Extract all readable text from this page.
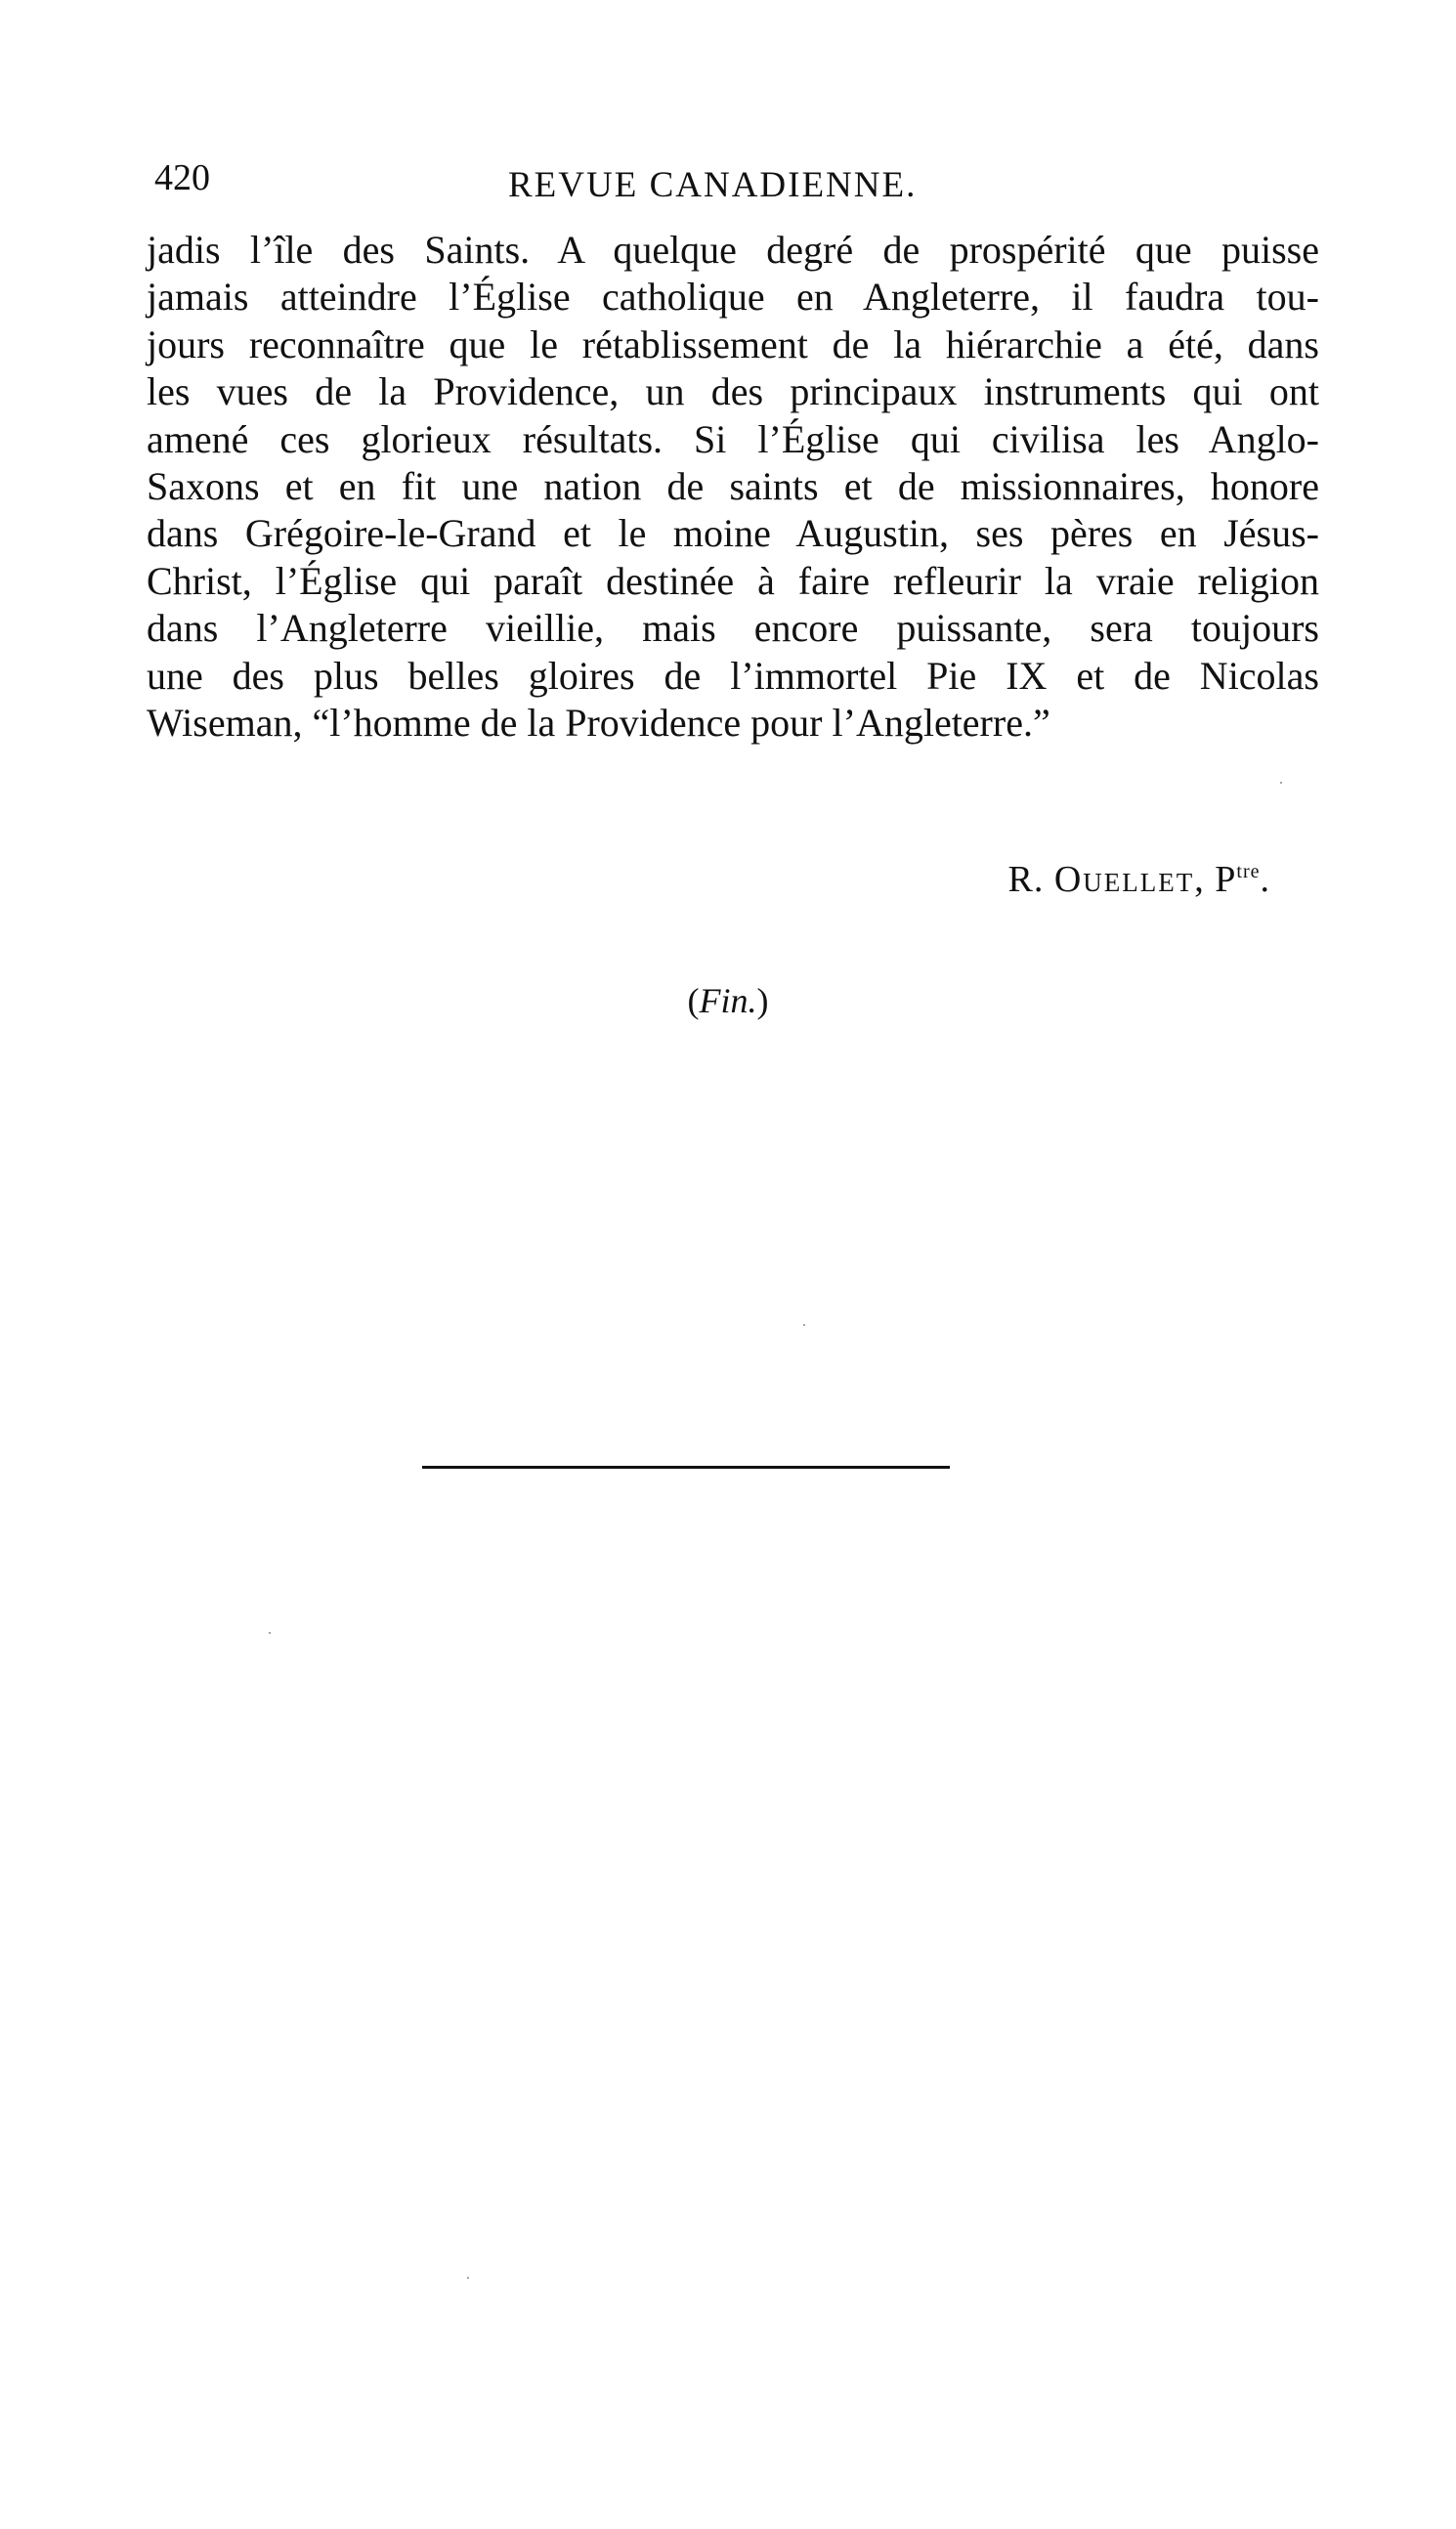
420	REVUE CANADIENNE.
jadis l’île des Saints. A quelque degré de prospérité que puisse
jamais atteindre l’Église catholique en Angleterre, il faudra tou-
jours reconnaître que le rétablissement de la hiérarchie a été, dans
les vues de la Providence, un des principaux instruments qui ont
amené ces glorieux résultats. Si l’Église qui civilisa les Anglo-
Saxons et en fit une nation de saints et de missionnaires, honore
dans Grégoire-le-Grand et le moine Augustin, ses pères en Jésus-
Christ, l’Église qui paraît destinée à faire refleurir la vraie religion
dans l’Angleterre vieillie, mais encore puissante, sera toujours
une des plus belles gloires de l’immortel Pie IX et de Nicolas
Wiseman, “l’homme de la Providence pour l’Angleterre.”
R. Ouellet, $P^{tre}$.
(Fin.)
